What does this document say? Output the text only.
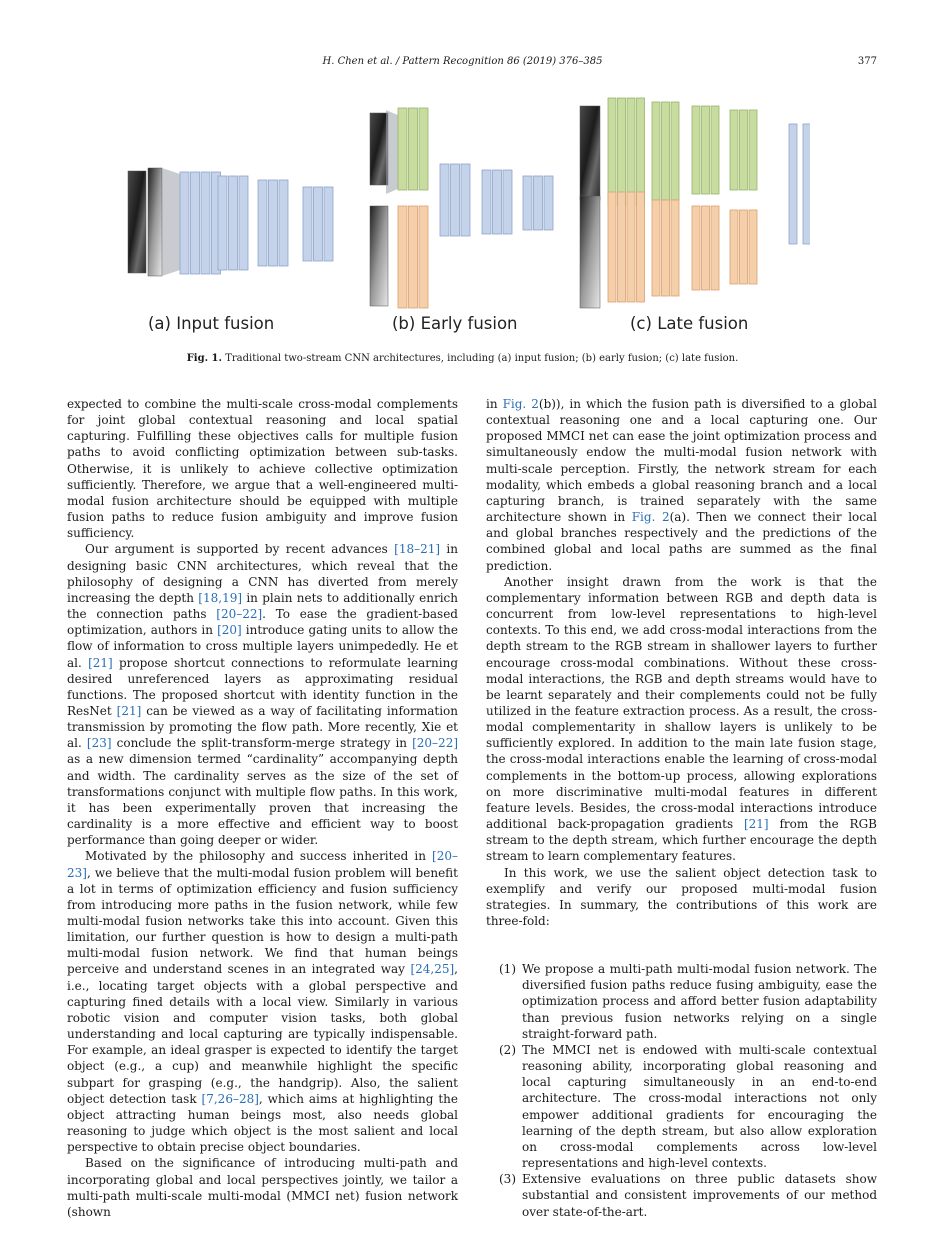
H. Chen et al. / Pattern Recognition 86 (2019) 376–385	377
(a) Input fusion	(b) Early fusion	(c) Late fusion
Fig. 1. Traditional two-stream CNN architectures, including (a) input fusion; (b) early fusion; (c) late fusion.

expected to combine the multi-scale cross-modal complements for joint global contextual reasoning and local spatial capturing. Fulfilling these objectives calls for multiple fusion paths to avoid conflicting optimization between sub-tasks. Otherwise, it is unlikely to achieve collective optimization sufficiently. Therefore, we argue that a well-engineered multi-modal fusion architecture should be equipped with multiple fusion paths to reduce fusion ambiguity and improve fusion sufficiency.

Our argument is supported by recent advances [18–21] in designing basic CNN architectures, which reveal that the philosophy of designing a CNN has diverted from merely increasing the depth [18,19] in plain nets to additionally enrich the connection paths [20–22]. To ease the gradient-based optimization, authors in [20] introduce gating units to allow the flow of information to cross multiple layers unimpededly. He et al. [21] propose shortcut connections to reformulate learning desired unreferenced layers as approximating residual functions. The proposed shortcut with identity function in the ResNet [21] can be viewed as a way of facilitating information transmission by promoting the flow path. More recently, Xie et al. [23] conclude the split-transform-merge strategy in [20–22] as a new dimension termed “cardinality” accompanying depth and width. The cardinality serves as the size of the set of transformations conjunct with multiple flow paths. In this work, it has been experimentally proven that increasing the cardinality is a more effective and efficient way to boost performance than going deeper or wider.

Motivated by the philosophy and success inherited in [20–23], we believe that the multi-modal fusion problem will benefit a lot in terms of optimization efficiency and fusion sufficiency from introducing more paths in the fusion network, while few multi-modal fusion networks take this into account. Given this limitation, our further question is how to design a multi-path multi-modal fusion network. We find that human beings perceive and understand scenes in an integrated way [24,25], i.e., locating target objects with a global perspective and capturing fined details with a local view. Similarly in various robotic vision and computer vision tasks, both global understanding and local capturing are typically indispensable. For example, an ideal grasper is expected to identify the target object (e.g., a cup) and meanwhile highlight the specific subpart for grasping (e.g., the handgrip). Also, the salient object detection task [7,26–28], which aims at highlighting the object attracting human beings most, also needs global reasoning to judge which object is the most salient and local perspective to obtain precise object boundaries.

Based on the significance of introducing multi-path and incorporating global and local perspectives jointly, we tailor a multi-path multi-scale multi-modal (MMCI net) fusion network (shown

in Fig. 2(b)), in which the fusion path is diversified to a global contextual reasoning one and a local capturing one. Our proposed MMCI net can ease the joint optimization process and simultaneously endow the multi-modal fusion network with multi-scale perception. Firstly, the network stream for each modality, which embeds a global reasoning branch and a local capturing branch, is trained separately with the same architecture shown in Fig. 2(a). Then we connect their local and global branches respectively and the predictions of the combined global and local paths are summed as the final prediction.

Another insight drawn from the work is that the complementary information between RGB and depth data is concurrent from low-level representations to high-level contexts. To this end, we add cross-modal interactions from the depth stream to the RGB stream in shallower layers to further encourage cross-modal combinations. Without these cross-modal interactions, the RGB and depth streams would have to be learnt separately and their complements could not be fully utilized in the feature extraction process. As a result, the cross-modal complementarity in shallow layers is unlikely to be sufficiently explored. In addition to the main late fusion stage, the cross-modal interactions enable the learning of cross-modal complements in the bottom-up process, allowing explorations on more discriminative multi-modal features in different feature levels. Besides, the cross-modal interactions introduce additional back-propagation gradients [21] from the RGB stream to the depth stream, which further encourage the depth stream to learn complementary features.

In this work, we use the salient object detection task to exemplify and verify our proposed multi-modal fusion strategies. In summary, the contributions of this work are three-fold:

(1) We propose a multi-path multi-modal fusion network. The diversified fusion paths reduce fusing ambiguity, ease the optimization process and afford better fusion adaptability than previous fusion networks relying on a single straight-forward path.
(2) The MMCI net is endowed with multi-scale contextual reasoning ability, incorporating global reasoning and local capturing simultaneously in an end-to-end architecture. The cross-modal interactions not only empower additional gradients for encouraging the learning of the depth stream, but also allow exploration on cross-modal complements across low-level representations and high-level contexts.
(3) Extensive evaluations on three public datasets show substantial and consistent improvements of our method over state-of-the-art.
